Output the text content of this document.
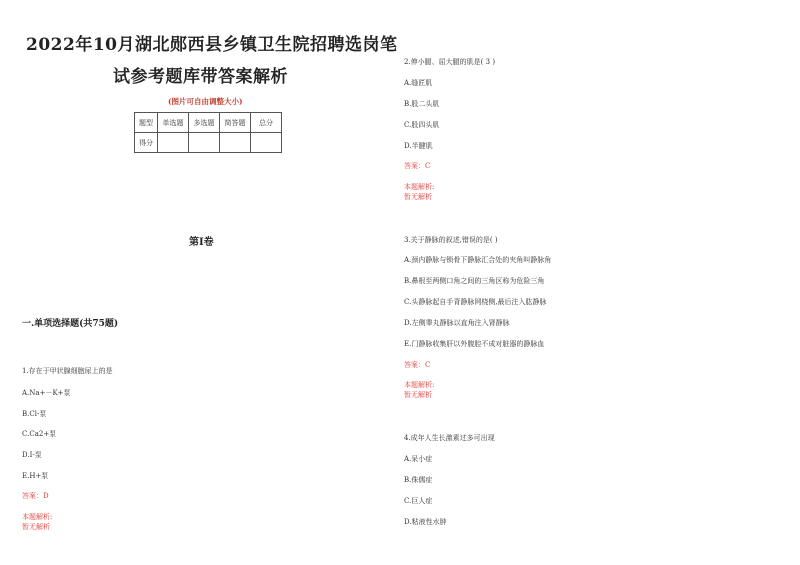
2022年10月湖北郧西县乡镇卫生院招聘选岗笔
试参考题库带答案解析
(图片可自由调整大小)
题型	单选题	多选题	简答题	总分
得分				
第I卷
一.单项选择题(共75题)
1.存在于甲状腺细胞尿上的是
A.Na+－K+泵
B.Cl-泵
C.Ca2+泵
D.I-泵
E.H+泵
答案：D
本题解析:
暂无解析
2.伸小腿、屈大腿的肌是( 3 )
A.缝匠肌
B.股二头肌
C.股四头肌
D.半腱肌
答案：C
本题解析:
暂无解析
3.关于静脉的叙述,错误的是( )
A.颈内静脉与锁骨下静脉汇合处的夹角叫静脉角
B.鼻根至两侧口角之间的三角区称为危险三角
C.头静脉起自手背静脉网桡侧,最后注入肱静脉
D.左侧睾丸静脉以直角注入肾静脉
E.门静脉收集肝以外腹腔不成对脏器的静脉血
答案：C
本题解析:
暂无解析
4.成年人生长激素过多可出现
A.呆小症
B.侏儒症
C.巨人症
D.粘液性水肿
